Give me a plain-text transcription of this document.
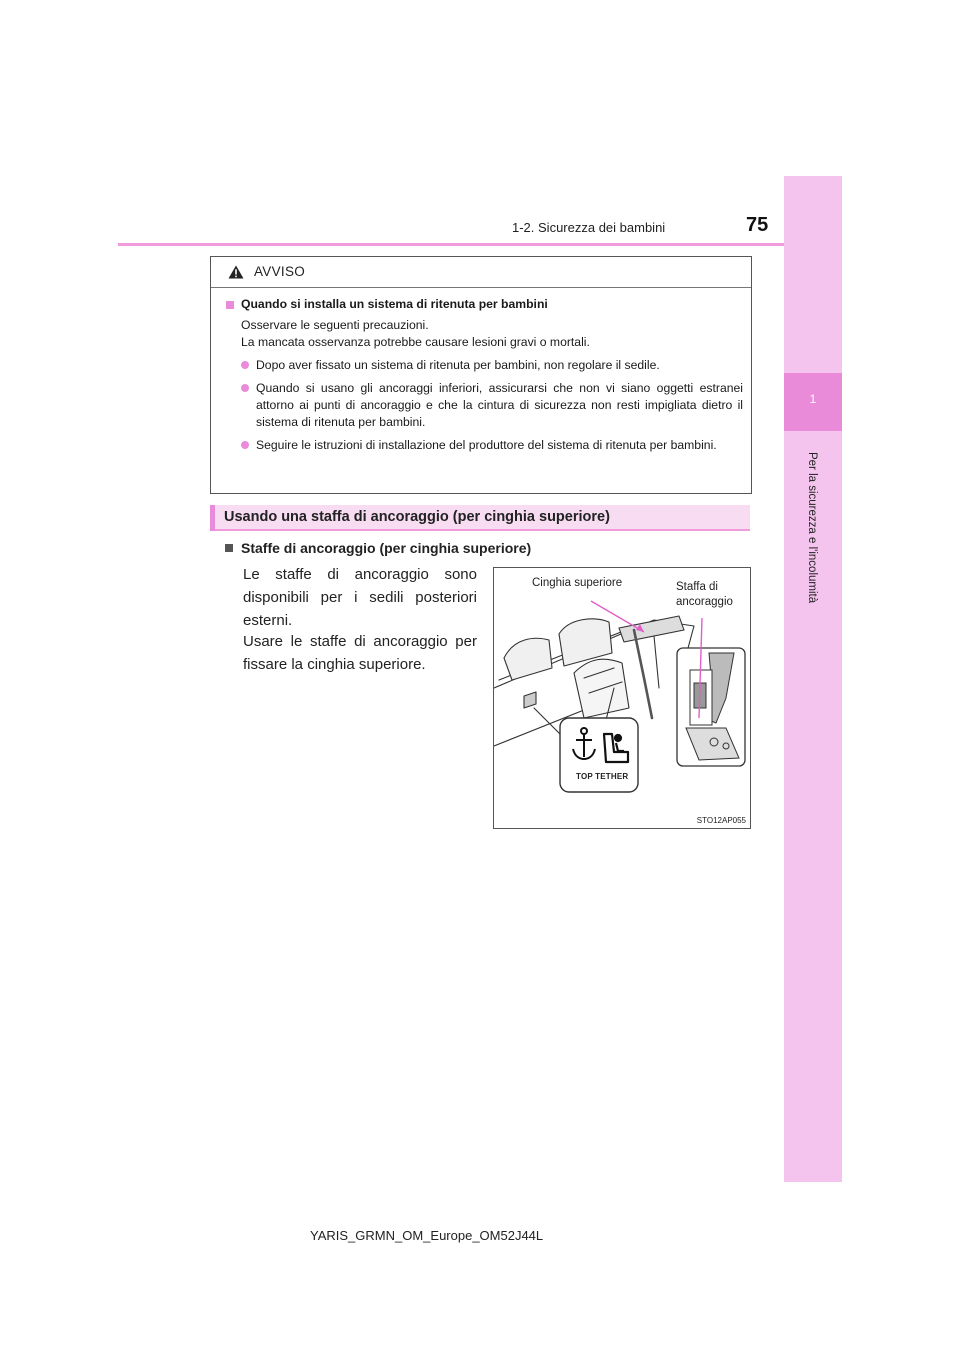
1-2. Sicurezza dei bambini	75
1
Per la sicurezza e l'incolumità
AVVISO
Quando si installa un sistema di ritenuta per bambini
Osservare le seguenti precauzioni.
La mancata osservanza potrebbe causare lesioni gravi o mortali.
Dopo aver fissato un sistema di ritenuta per bambini, non regolare il sedile.
Quando si usano gli ancoraggi inferiori, assicurarsi che non vi siano oggetti estranei attorno ai punti di ancoraggio e che la cintura di sicurezza non resti impigliata dietro il sistema di ritenuta per bambini.
Seguire le istruzioni di installazione del produttore del sistema di ritenuta per bambini.
Usando una staffa di ancoraggio (per cinghia superiore)
Staffe di ancoraggio (per cinghia superiore)
Le staffe di ancoraggio sono disponibili per i sedili posteriori esterni.
Usare le staffe di ancoraggio per fissare la cinghia superiore.
Cinghia superiore	Staffa di
ancoraggio
TOP TETHER
STO12AP055
YARIS_GRMN_OM_Europe_OM52J44L
